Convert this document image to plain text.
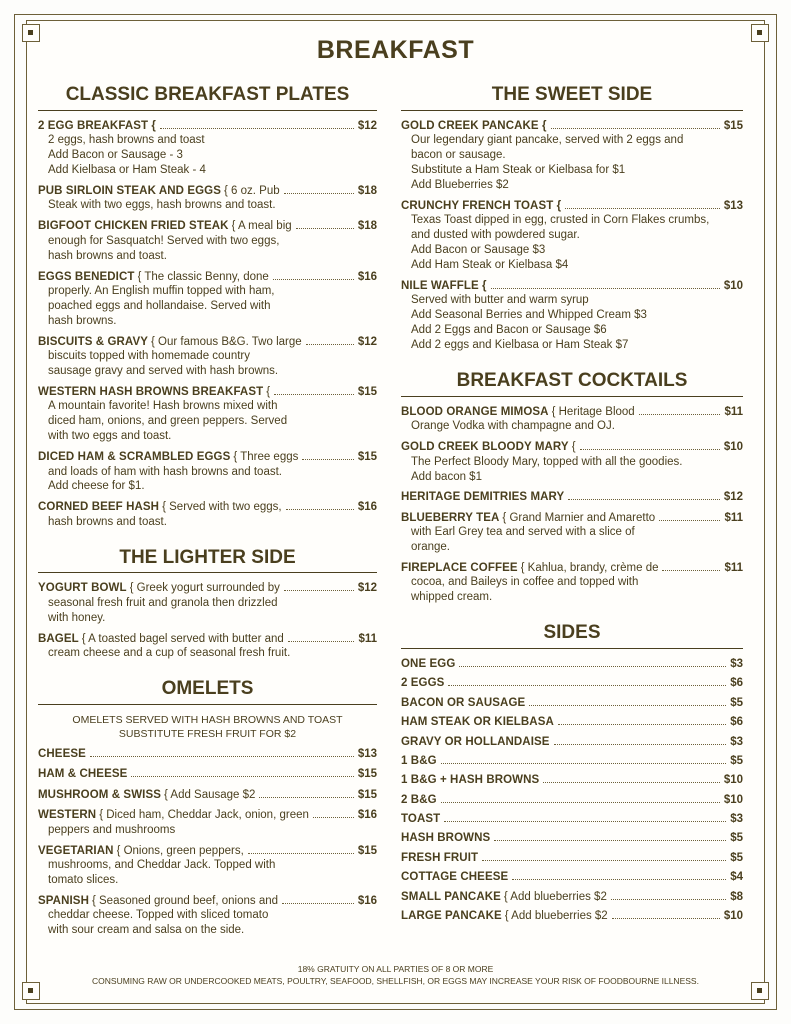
BREAKFAST
CLASSIC BREAKFAST PLATES
2 EGG BREAKFAST {	$12
2 eggs, hash browns and toast
Add Bacon or Sausage - 3
Add Kielbasa or Ham Steak - 4
PUB SIRLOIN STEAK AND EGGS { 6 oz. Pub	$18
Steak with two eggs, hash browns and toast.
BIGFOOT CHICKEN FRIED STEAK { A meal big	$18
enough for Sasquatch! Served with two eggs,
hash browns and toast.
EGGS BENEDICT { The classic Benny, done	$16
properly. An English muffin topped with ham,
poached eggs and hollandaise. Served with
hash browns.
BISCUITS & GRAVY { Our famous B&G. Two large	$12
biscuits topped with homemade country
sausage gravy and served with hash browns.
WESTERN HASH BROWNS BREAKFAST {	$15
A mountain favorite! Hash browns mixed with
diced ham, onions, and green peppers. Served
with two eggs and toast.
DICED HAM & SCRAMBLED EGGS { Three eggs	$15
and loads of ham with hash browns and toast.
Add cheese for $1.
CORNED BEEF HASH { Served with two eggs,	$16
hash browns and toast.
THE LIGHTER SIDE
YOGURT BOWL { Greek yogurt surrounded by	$12
seasonal fresh fruit and granola then drizzled
with honey.
BAGEL { A toasted bagel served with butter and	$11
cream cheese and a cup of seasonal fresh fruit.
OMELETS
OMELETS SERVED WITH HASH BROWNS AND TOAST
SUBSTITUTE FRESH FRUIT FOR $2
CHEESE	$13
HAM & CHEESE	$15
MUSHROOM & SWISS { Add Sausage $2	$15
WESTERN { Diced ham, Cheddar Jack, onion, green	$16
peppers and mushrooms
VEGETARIAN { Onions, green peppers,	$15
mushrooms, and Cheddar Jack. Topped with
tomato slices.
SPANISH { Seasoned ground beef, onions and	$16
cheddar cheese. Topped with sliced tomato
with sour cream and salsa on the side.
THE SWEET SIDE
GOLD CREEK PANCAKE {	$15
Our legendary giant pancake, served with 2 eggs and
bacon or sausage.
Substitute a Ham Steak or Kielbasa for $1
Add Blueberries $2
CRUNCHY FRENCH TOAST {	$13
Texas Toast dipped in egg, crusted in Corn Flakes crumbs,
and dusted with powdered sugar.
Add Bacon or Sausage $3
Add Ham Steak or Kielbasa $4
NILE WAFFLE {	$10
Served with butter and warm syrup
Add Seasonal Berries and Whipped Cream $3
Add 2 Eggs and Bacon or Sausage $6
Add 2 eggs and Kielbasa or Ham Steak $7
BREAKFAST COCKTAILS
BLOOD ORANGE MIMOSA { Heritage Blood	$11
Orange Vodka with champagne and OJ.
GOLD CREEK BLOODY MARY {	$10
The Perfect Bloody Mary, topped with all the goodies.
Add bacon $1
HERITAGE DEMITRIES MARY	$12
BLUEBERRY TEA { Grand Marnier and Amaretto	$11
with Earl Grey tea and served with a slice of
orange.
FIREPLACE COFFEE { Kahlua, brandy, crème de	$11
cocoa, and Baileys in coffee and topped with
whipped cream.
SIDES
ONE EGG	$3
2 EGGS	$6
BACON OR SAUSAGE	$5
HAM STEAK OR KIELBASA	$6
GRAVY OR HOLLANDAISE	$3
1 B&G	$5
1 B&G + HASH BROWNS	$10
2 B&G	$10
TOAST	$3
HASH BROWNS	$5
FRESH FRUIT	$5
COTTAGE CHEESE	$4
SMALL PANCAKE { Add blueberries $2	$8
LARGE PANCAKE { Add blueberries $2	$10
18% GRATUITY ON ALL PARTIES OF 8 OR MORE
CONSUMING RAW OR UNDERCOOKED MEATS, POULTRY, SEAFOOD, SHELLFISH, OR EGGS MAY INCREASE YOUR RISK OF FOODBOURNE ILLNESS.
